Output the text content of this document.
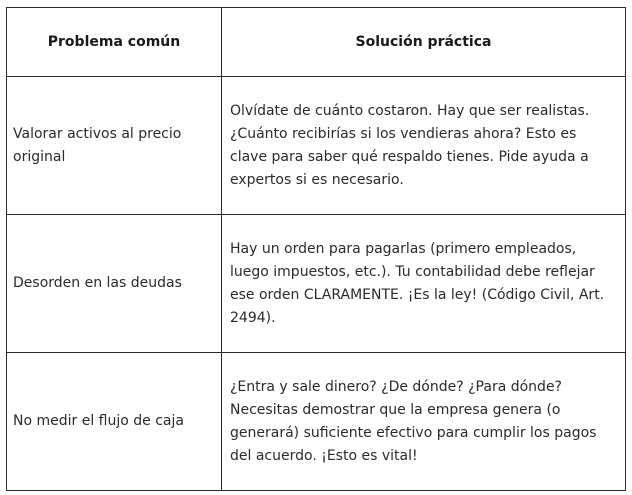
Problema común	Solución práctica
Valorar activos al precio original	Olvídate de cuánto costaron. Hay que ser realistas. ¿Cuánto recibirías si los vendieras ahora? Esto es clave para saber qué respaldo tienes. Pide ayuda a expertos si es necesario.
Desorden en las deudas	Hay un orden para pagarlas (primero empleados, luego impuestos, etc.). Tu contabilidad debe reflejar ese orden CLARAMENTE. ¡Es la ley! (Código Civil, Art. 2494).
No medir el flujo de caja	¿Entra y sale dinero? ¿De dónde? ¿Para dónde? Necesitas demostrar que la empresa genera (o generará) suficiente efectivo para cumplir los pagos del acuerdo. ¡Esto es vital!
